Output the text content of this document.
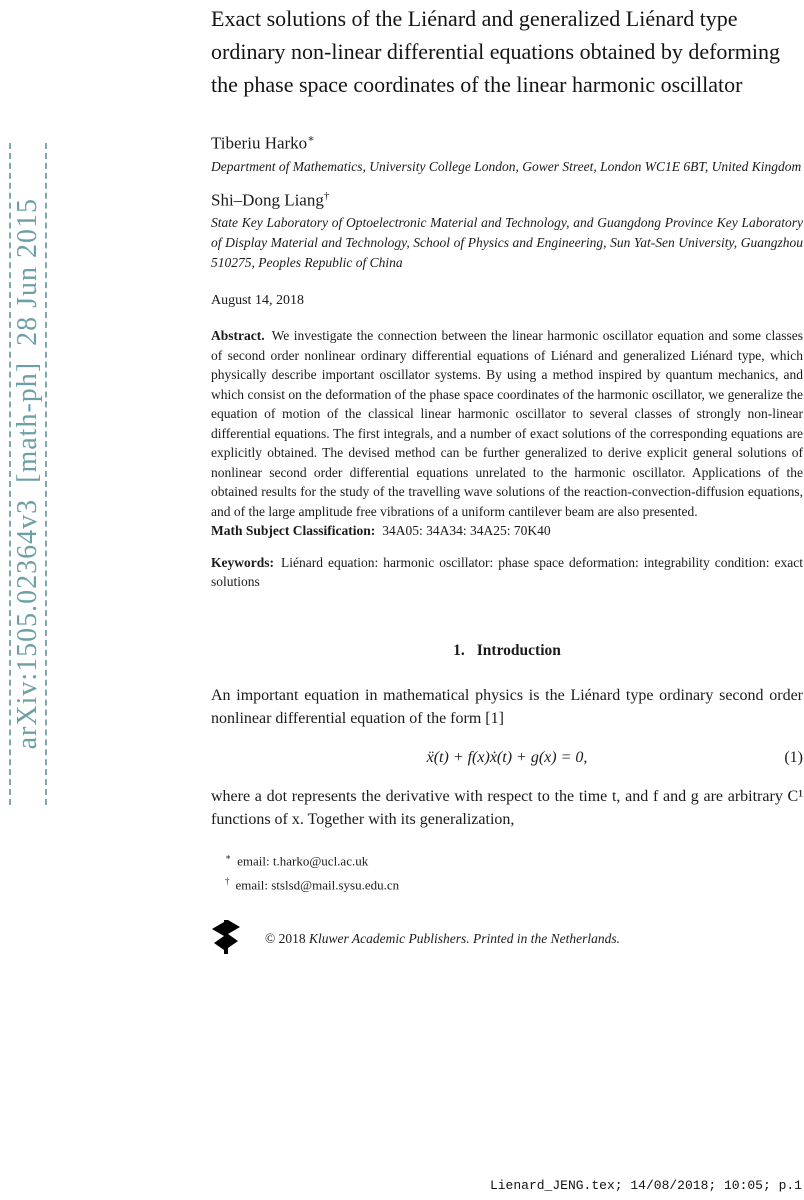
arXiv:1505.02364v3  [math-ph]  28 Jun 2015
Exact solutions of the Liénard and generalized Liénard type ordinary non-linear differential equations obtained by deforming the phase space coordinates of the linear harmonic oscillator
Tiberiu Harko∗
Department of Mathematics, University College London, Gower Street, London WC1E 6BT, United Kingdom
Shi–Dong Liang†
State Key Laboratory of Optoelectronic Material and Technology, and Guangdong Province Key Laboratory of Display Material and Technology, School of Physics and Engineering, Sun Yat-Sen University, Guangzhou 510275, Peoples Republic of China
August 14, 2018

Abstract. We investigate the connection between the linear harmonic oscillator equation and some classes of second order nonlinear ordinary differential equations of Liénard and generalized Liénard type, which physically describe important oscillator systems. By using a method inspired by quantum mechanics, and which consist on the deformation of the phase space coordinates of the harmonic oscillator, we generalize the equation of motion of the classical linear harmonic oscillator to several classes of strongly non-linear differential equations. The first integrals, and a number of exact solutions of the corresponding equations are explicitly obtained. The devised method can be further generalized to derive explicit general solutions of nonlinear second order differential equations unrelated to the harmonic oscillator. Applications of the obtained results for the study of the travelling wave solutions of the reaction-convection-diffusion equations, and of the large amplitude free vibrations of a uniform cantilever beam are also presented.

Math Subject Classification: 34A05: 34A34: 34A25: 70K40

Keywords: Liénard equation: harmonic oscillator: phase space deformation: integrability condition: exact solutions

1. Introduction

An important equation in mathematical physics is the Liénard type ordinary second order nonlinear differential equation of the form [1]

ẍ(t) + f(x)ẋ(t) + g(x) = 0,	(1)

where a dot represents the derivative with respect to the time t, and f and g are arbitrary C¹ functions of x. Together with its generalization,

∗ email: t.harko@ucl.ac.uk
† email: stslsd@mail.sysu.edu.cn
© 2018 Kluwer Academic Publishers. Printed in the Netherlands.
Lienard_JENG.tex; 14/08/2018; 10:05; p.1
